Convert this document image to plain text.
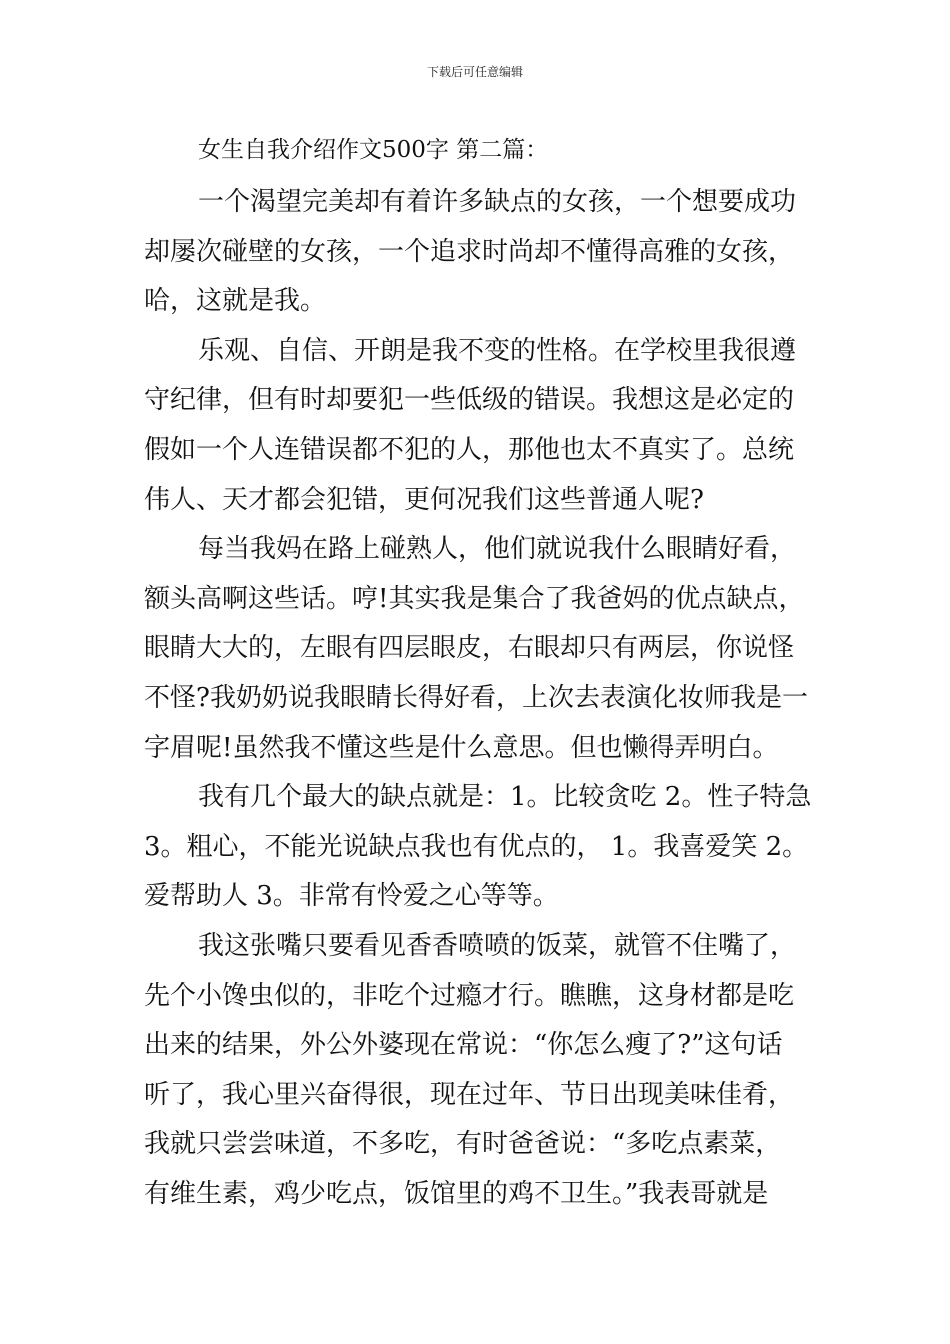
下载后可任意编辑
女生自我介绍作文500字 第二篇：

一个渴望完美却有着许多缺点的女孩，一个想要成功
却屡次碰壁的女孩，一个追求时尚却不懂得高雅的女孩，
哈，这就是我。

乐观、自信、开朗是我不变的性格。在学校里我很遵
守纪律，但有时却要犯一些低级的错误。我想这是必定的
假如一个人连错误都不犯的人，那他也太不真实了。总统
伟人、天才都会犯错，更何况我们这些普通人呢?

每当我妈在路上碰熟人，他们就说我什么眼睛好看，
额头高啊这些话。哼!其实我是集合了我爸妈的优点缺点，
眼睛大大的，左眼有四层眼皮，右眼却只有两层，你说怪
不怪?我奶奶说我眼睛长得好看，上次去表演化妆师我是一
字眉呢!虽然我不懂这些是什么意思。但也懒得弄明白。

我有几个最大的缺点就是：1。比较贪吃 2。性子特急
3。粗心，不能光说缺点我也有优点的， 1。我喜爱笑 2。
爱帮助人 3。非常有怜爱之心等等。

我这张嘴只要看见香香喷喷的饭菜，就管不住嘴了，
先个小馋虫似的，非吃个过瘾才行。瞧瞧，这身材都是吃
出来的结果，外公外婆现在常说：“你怎么瘦了?”这句话
听了，我心里兴奋得很，现在过年、节日出现美味佳肴，
我就只尝尝味道，不多吃，有时爸爸说：“多吃点素菜，
有维生素，鸡少吃点，饭馆里的鸡不卫生。”我表哥就是
